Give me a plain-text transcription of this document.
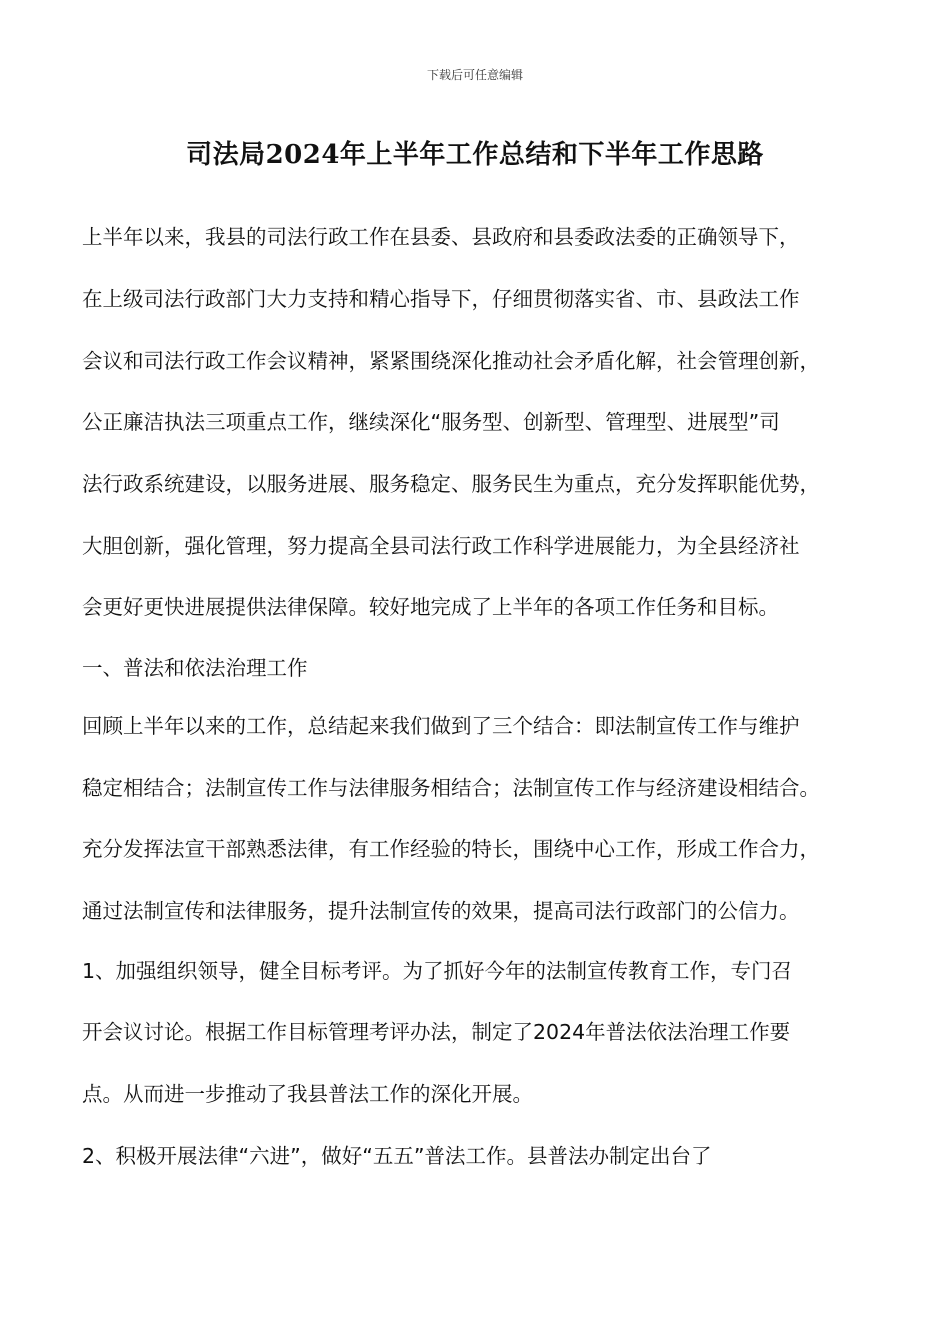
下载后可任意编辑
司法局2024年上半年工作总结和下半年工作思路
上半年以来，我县的司法行政工作在县委、县政府和县委政法委的正确领导下，
在上级司法行政部门大力支持和精心指导下，仔细贯彻落实省、市、县政法工作
会议和司法行政工作会议精神，紧紧围绕深化推动社会矛盾化解，社会管理创新，
公正廉洁执法三项重点工作，继续深化“服务型、创新型、管理型、进展型”司
法行政系统建设，以服务进展、服务稳定、服务民生为重点，充分发挥职能优势，
大胆创新，强化管理，努力提高全县司法行政工作科学进展能力，为全县经济社
会更好更快进展提供法律保障。较好地完成了上半年的各项工作任务和目标。
一、普法和依法治理工作
回顾上半年以来的工作，总结起来我们做到了三个结合：即法制宣传工作与维护
稳定相结合；法制宣传工作与法律服务相结合；法制宣传工作与经济建设相结合。
充分发挥法宣干部熟悉法律，有工作经验的特长，围绕中心工作，形成工作合力，
通过法制宣传和法律服务，提升法制宣传的效果，提高司法行政部门的公信力。
1、加强组织领导，健全目标考评。为了抓好今年的法制宣传教育工作，专门召
开会议讨论。根据工作目标管理考评办法，制定了2024年普法依法治理工作要
点。从而进一步推动了我县普法工作的深化开展。
2、积极开展法律“六进”，做好“五五”普法工作。县普法办制定出台了
